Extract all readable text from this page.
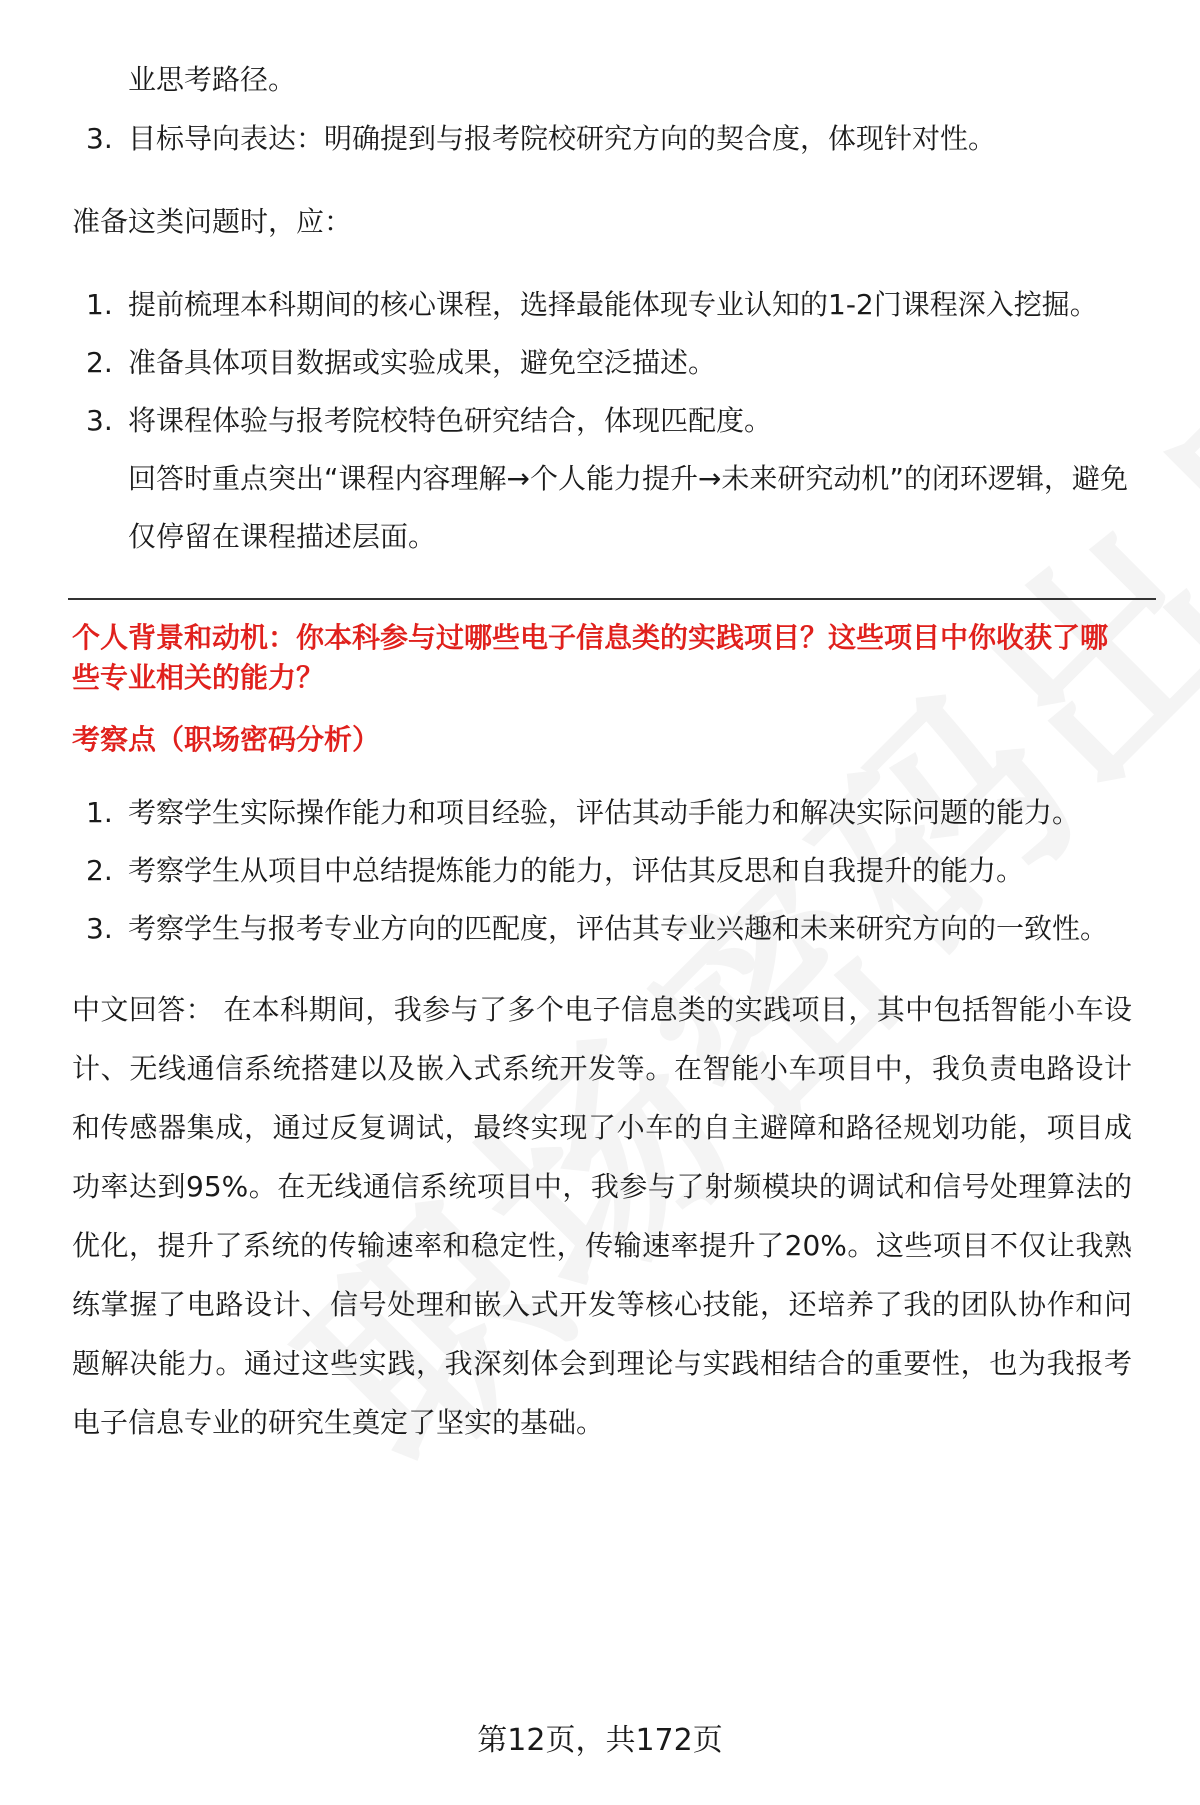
业思考路径。
3. 目标导向表达：明确提到与报考院校研究方向的契合度，体现针对性。
准备这类问题时，应：
1. 提前梳理本科期间的核心课程，选择最能体现专业认知的1-2门课程深入挖掘。
2. 准备具体项目数据或实验成果，避免空泛描述。
3. 将课程体验与报考院校特色研究结合，体现匹配度。
回答时重点突出“课程内容理解→个人能力提升→未来研究动机”的闭环逻辑，避免仅停留在课程描述层面。
个人背景和动机：你本科参与过哪些电子信息类的实践项目？这些项目中你收获了哪些专业相关的能力？
考察点（职场密码分析）
1. 考察学生实际操作能力和项目经验，评估其动手能力和解决实际问题的能力。
2. 考察学生从项目中总结提炼能力的能力，评估其反思和自我提升的能力。
3. 考察学生与报考专业方向的匹配度，评估其专业兴趣和未来研究方向的一致性。
中文回答： 在本科期间，我参与了多个电子信息类的实践项目，其中包括智能小车设计、无线通信系统搭建以及嵌入式系统开发等。在智能小车项目中，我负责电路设计和传感器集成，通过反复调试，最终实现了小车的自主避障和路径规划功能，项目成功率达到95%。在无线通信系统项目中，我参与了射频模块的调试和信号处理算法的优化，提升了系统的传输速率和稳定性，传输速率提升了20%。这些项目不仅让我熟练掌握了电路设计、信号处理和嵌入式开发等核心技能，还培养了我的团队协作和问题解决能力。通过这些实践，我深刻体会到理论与实践相结合的重要性，也为我报考电子信息专业的研究生奠定了坚实的基础。
第12页，共172页
